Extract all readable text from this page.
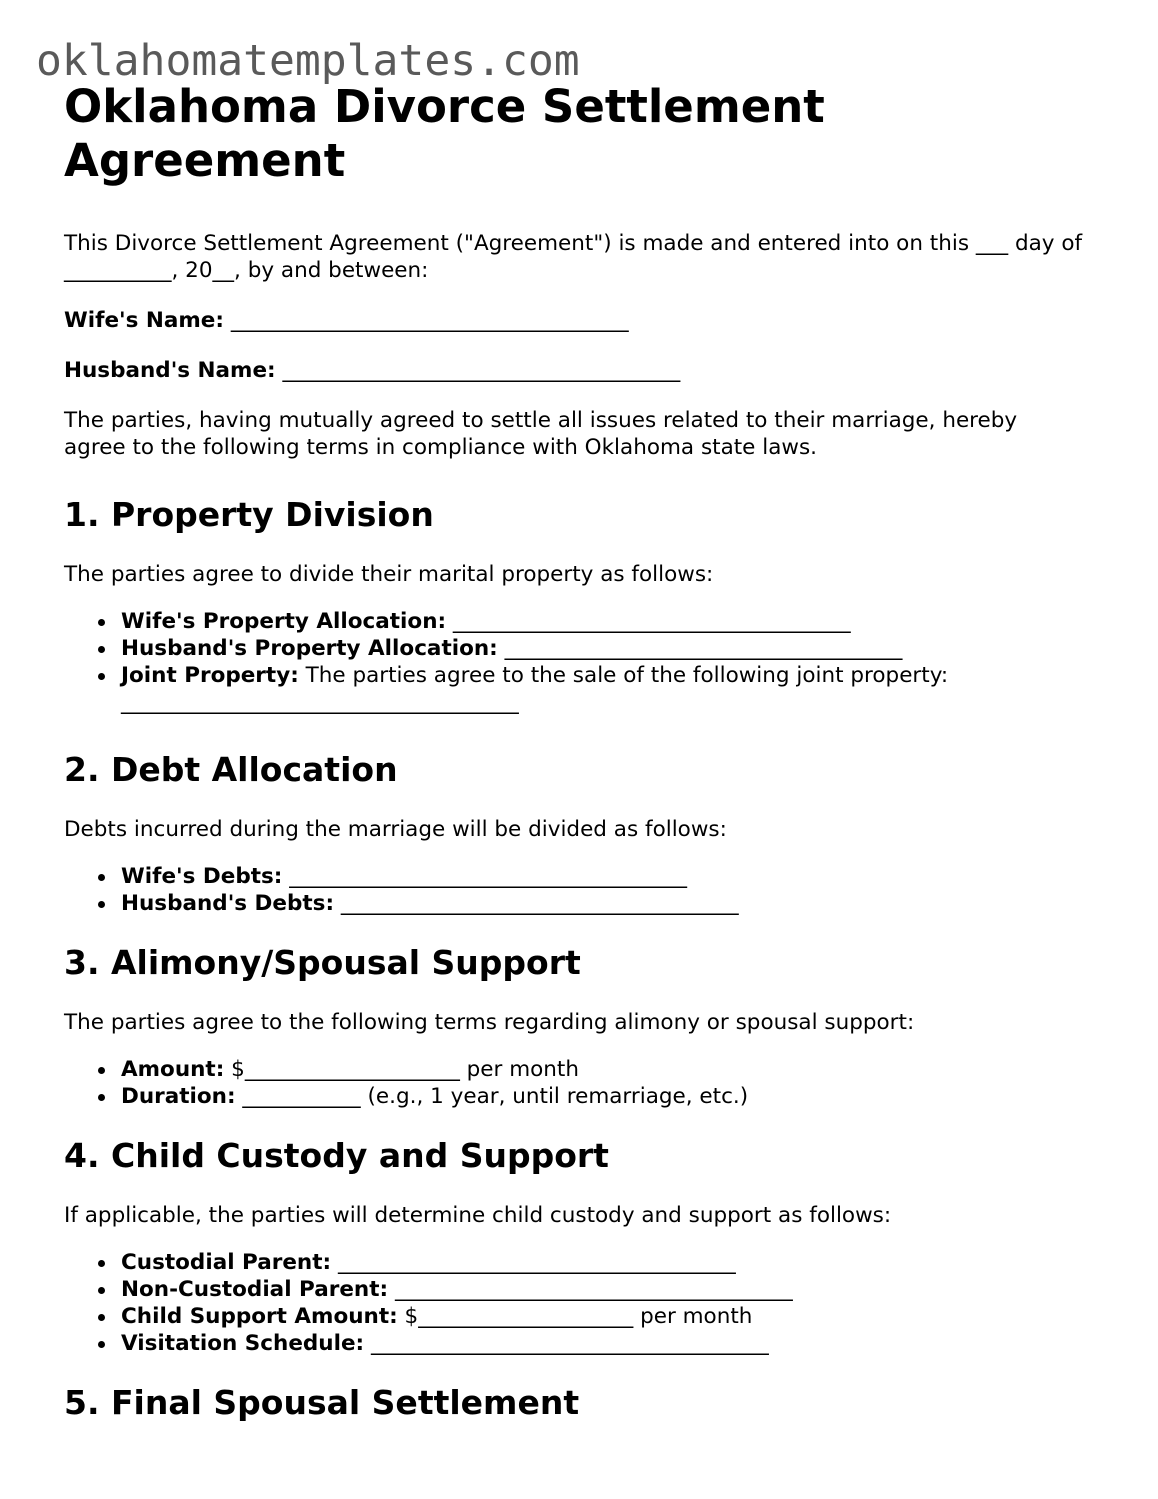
oklahomatemplates.com
Oklahoma Divorce Settlement Agreement

This Divorce Settlement Agreement ("Agreement") is made and entered into on this ___ day of __________, 20__, by and between:

Wife's Name: _____________________________________

Husband's Name: _____________________________________

The parties, having mutually agreed to settle all issues related to their marriage, hereby agree to the following terms in compliance with Oklahoma state laws.

1. Property Division

The parties agree to divide their marital property as follows:

Wife's Property Allocation: _____________________________________
Husband's Property Allocation: _____________________________________
Joint Property: The parties agree to the sale of the following joint property: _____________________________________
2. Debt Allocation

Debts incurred during the marriage will be divided as follows:

Wife's Debts: _____________________________________
Husband's Debts: _____________________________________
3. Alimony/Spousal Support

The parties agree to the following terms regarding alimony or spousal support:

Amount: $____________________ per month
Duration: ___________ (e.g., 1 year, until remarriage, etc.)
4. Child Custody and Support

If applicable, the parties will determine child custody and support as follows:

Custodial Parent: _____________________________________
Non-Custodial Parent: _____________________________________
Child Support Amount: $____________________ per month
Visitation Schedule: _____________________________________
5. Final Spousal Settlement
